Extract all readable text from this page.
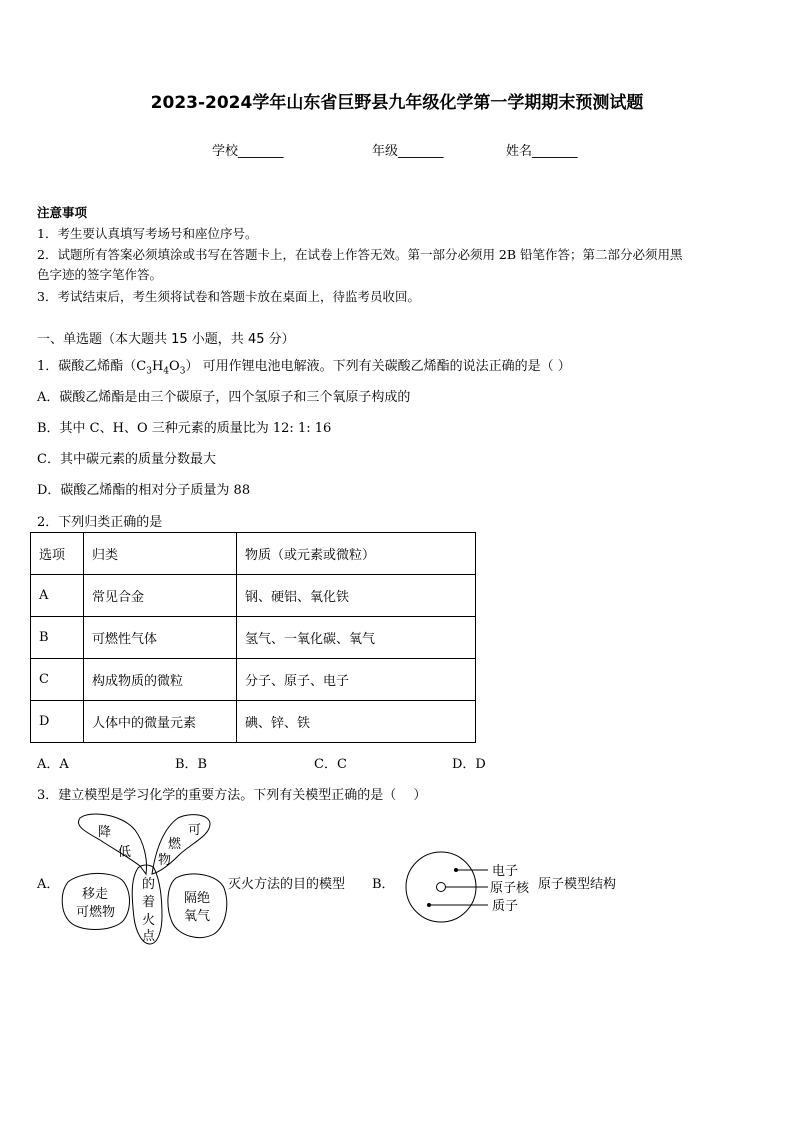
2023-2024学年山东省巨野县九年级化学第一学期期末预测试题
学校_______	年级_______	姓名_______
注意事项
1．考生要认真填写考场号和座位序号。
2．试题所有答案必须填涂或书写在答题卡上，在试卷上作答无效。第一部分必须用 2B 铅笔作答；第二部分必须用黑
色字迹的签字笔作答。
3．考试结束后，考生须将试卷和答题卡放在桌面上，待监考员收回。
一、单选题（本大题共 15 小题，共 45 分）
1．碳酸乙烯酯$(C_3H_4O_3)$ 可用作锂电池电解液。下列有关碳酸乙烯酯的说法正确的是（ ）
A．碳酸乙烯酯是由三个碳原子，四个氢原子和三个氧原子构成的
B．其中 C、H、O 三种元素的质量比为 12: 1: 16
C．其中碳元素的质量分数最大
D．碳酸乙烯酯的相对分子质量为 88
2．下列归类正确的是
选项	归类	物质（或元素或微粒）
A	常见合金	钢、硬铝、氧化铁
B	可燃性气体	氢气、一氧化碳、氧气
C	构成物质的微粒	分子、原子、电子
D	人体中的微量元素	碘、锌、铁
A．A	B．B	C．C	D．D
3．建立模型是学习化学的重要方法。下列有关模型正确的是（　 ）
A．
降
低
可
燃
物
的
着
火
点
移走
可燃物
隔绝
氧气
灭火方法的目的模型 B．
电子
原子核
质子
原子模型结构
